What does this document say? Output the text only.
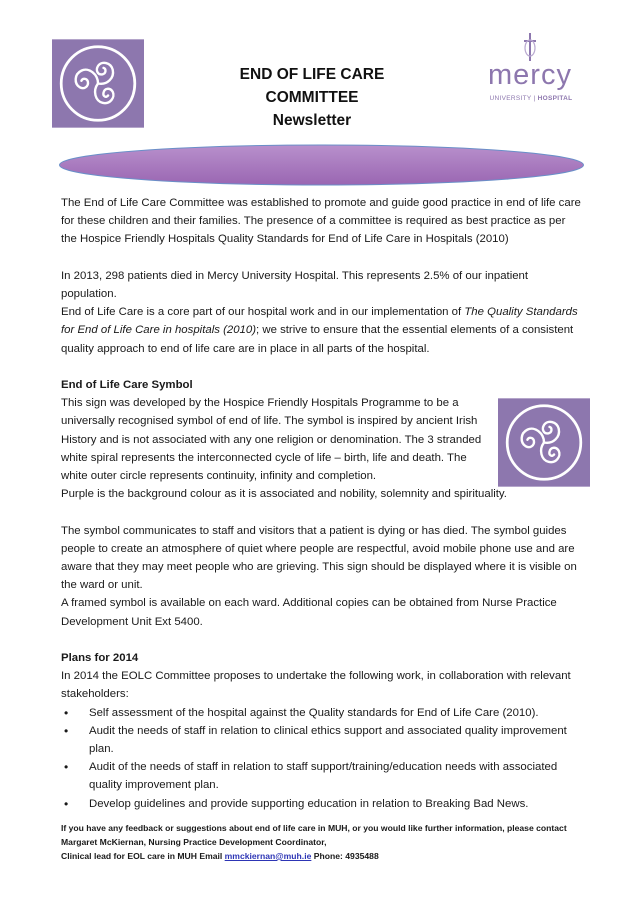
END OF LIFE CARE
COMMITTEE
Newsletter
mercy
UNIVERSITY | HOSPITAL

The End of Life Care Committee was established to promote and guide good practice in end of life care for these children and their families. The presence of a committee is required as best practice as per the Hospice Friendly Hospitals Quality Standards for End of Life Care in Hospitals (2010)

In 2013, 298 patients died in Mercy University Hospital. This represents 2.5% of our inpatient population.

End of Life Care is a core part of our hospital work and in our implementation of The Quality Standards for End of Life Care in hospitals (2010); we strive to ensure that the essential elements of a consistent quality approach to end of life care are in place in all parts of the hospital.

End of Life Care Symbol

This sign was developed by the Hospice Friendly Hospitals Programme to be a universally recognised symbol of end of life. The symbol is inspired by ancient Irish History and is not associated with any one religion or denomination. The 3 stranded white spiral represents the interconnected cycle of life – birth, life and death. The white outer circle represents continuity, infinity and completion.

Purple is the background colour as it is associated and nobility, solemnity and spirituality.

The symbol communicates to staff and visitors that a patient is dying or has died. The symbol guides people to create an atmosphere of quiet where people are respectful, avoid mobile phone use and are aware that they may meet people who are grieving. This sign should be displayed where it is visible on the ward or unit.

A framed symbol is available on each ward. Additional copies can be obtained from Nurse Practice Development Unit Ext 5400.

Plans for 2014

In 2014 the EOLC Committee proposes to undertake the following work, in collaboration with relevant stakeholders:

• Self assessment of the hospital against the Quality standards for End of Life Care (2010).
• Audit the needs of staff in relation to clinical ethics support and associated quality improvement plan.
• Audit of the needs of staff in relation to staff support/training/education needs with associated quality improvement plan.
• Develop guidelines and provide supporting education in relation to Breaking Bad News.
If you have any feedback or suggestions about end of life care in MUH, or you would like further information, please contact
Margaret McKiernan, Nursing Practice Development Coordinator,
Clinical lead for EOL care in MUH Email mmckiernan@muh.ie Phone: 4935488
